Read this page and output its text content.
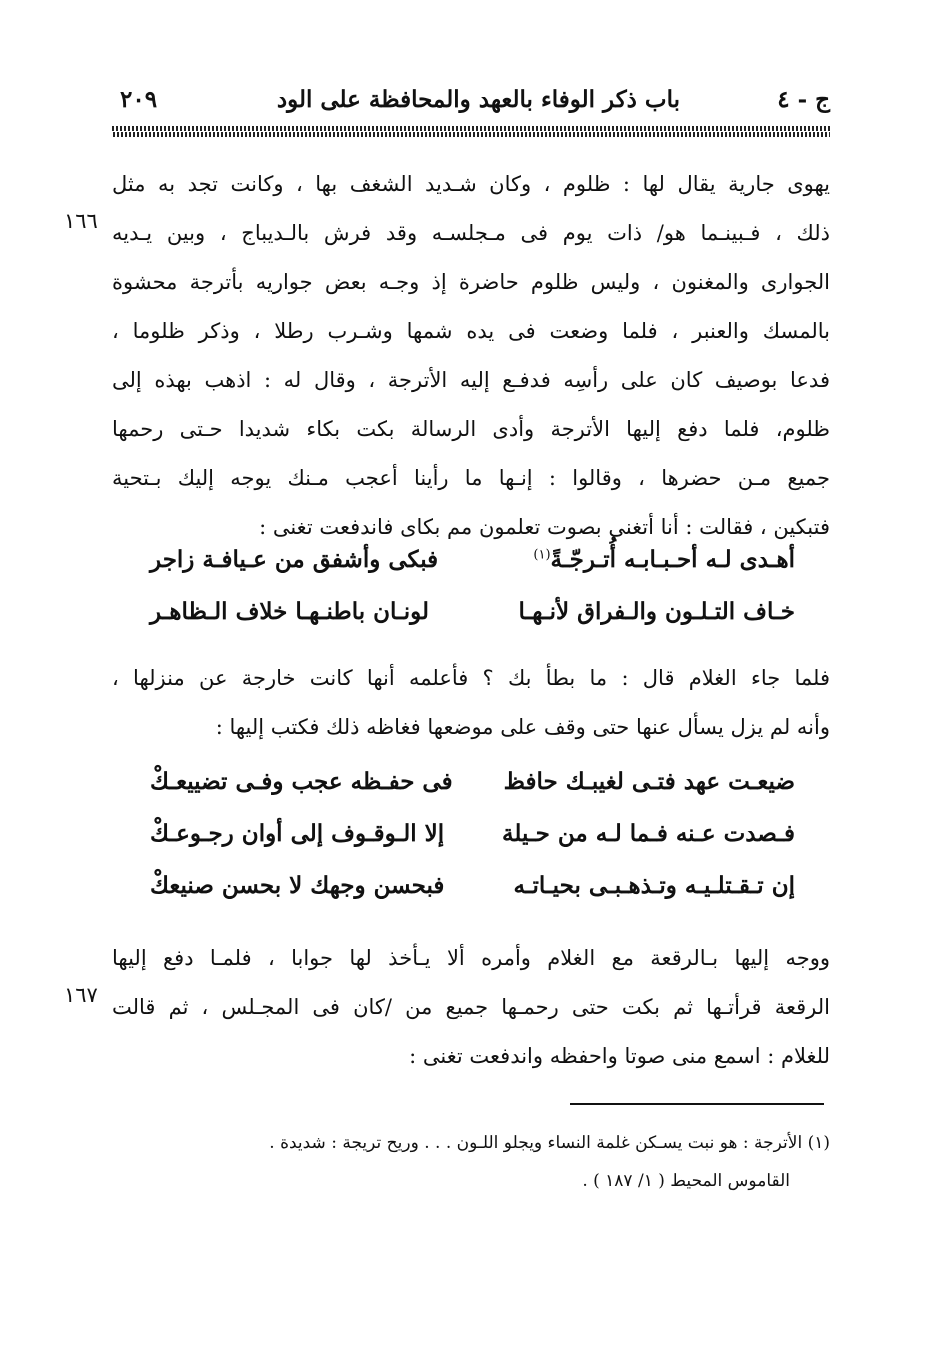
ج - ٤
باب ذكر الوفاء بالعهد والمحافظة على الود
٢٠٩
يهوى جارية يقال لها : ظلوم ، وكان شـديد الشغف بها ، وكانت تجد به مثل
ذلك ، فـبينـما هو/ ذات يوم فى مـجلسـه وقد فرش بالـديباج ، وبين يـديه
الجوارى والمغنون ، وليس ظلوم حاضرة إذ وجـه بعض جواريه بأترجة محشوة
بالمسك والعنبر ، فلما وضعت فى يده شمها وشـرب رطلا ، وذكر ظلوما ،
فدعا بوصيف كان على رأسِه فدفـع إليه الأترجة ، وقال له : اذهب بهذه إلى
ظلوم، فلما دفع إليها الأترجة وأدى الرسالة بكت بكاء شديدا حـتى رحمها
جميع مـن حضرها ، وقالوا : إنـها ما رأينا أعجب مـنك يوجه إليك بـتحية
فتبكين ، فقالت : أنا أتغنى بصوت تعلمون مم بكاى فاندفعت تغنى :
أهـدى لـه أحـبـابـه أُتـرجّـةً$^{(١)}$
فبكى وأشفق من عـيافـة زاجر
خـاف التـلـون والـفراق لأنـهـا
لونـان باطنـهـا خلاف الـظاهـر
فلما جاء الغلام قال : ما بطأ بك ؟ فأعلمه أنها كانت خارجة عن منزلها ،
وأنه لم يزل يسأل عنها حتى وقف على موضعها فغاظه ذلك فكتب إليها :
ضيعـت عهد فتـى لغيبـك حافظ
فى حفـظه عجب وفـى تضييعـكْ
فـصدت عـنه فـما لـه من حـيلة
إلا الـوقـوف إلى أوان رجـوعـكْ
إن تـقـتلـيـه وتـذهـبـى بحيـاتـه
فبحسن وجهك لا بحسن صنيعكْ
ووجه إليها بـالرقعة مع الغلام وأمره ألا يـأخذ لها جوابا ، فلمـا دفع إليها
الرقعة قرأتـها ثم بكت حتى رحمـها جميع من /كان فى المجـلس ، ثم قالت
للغلام : اسمع منى صوتا واحفظه واندفعت تغنى :
١٦٦
١٦٧
(١) الأترجة : هو نبت يسـكن غلمة النساء ويجلو اللـون . . . وريح تريجة : شديدة .
القاموس المحيط ( ١/ ١٨٧ ) .
